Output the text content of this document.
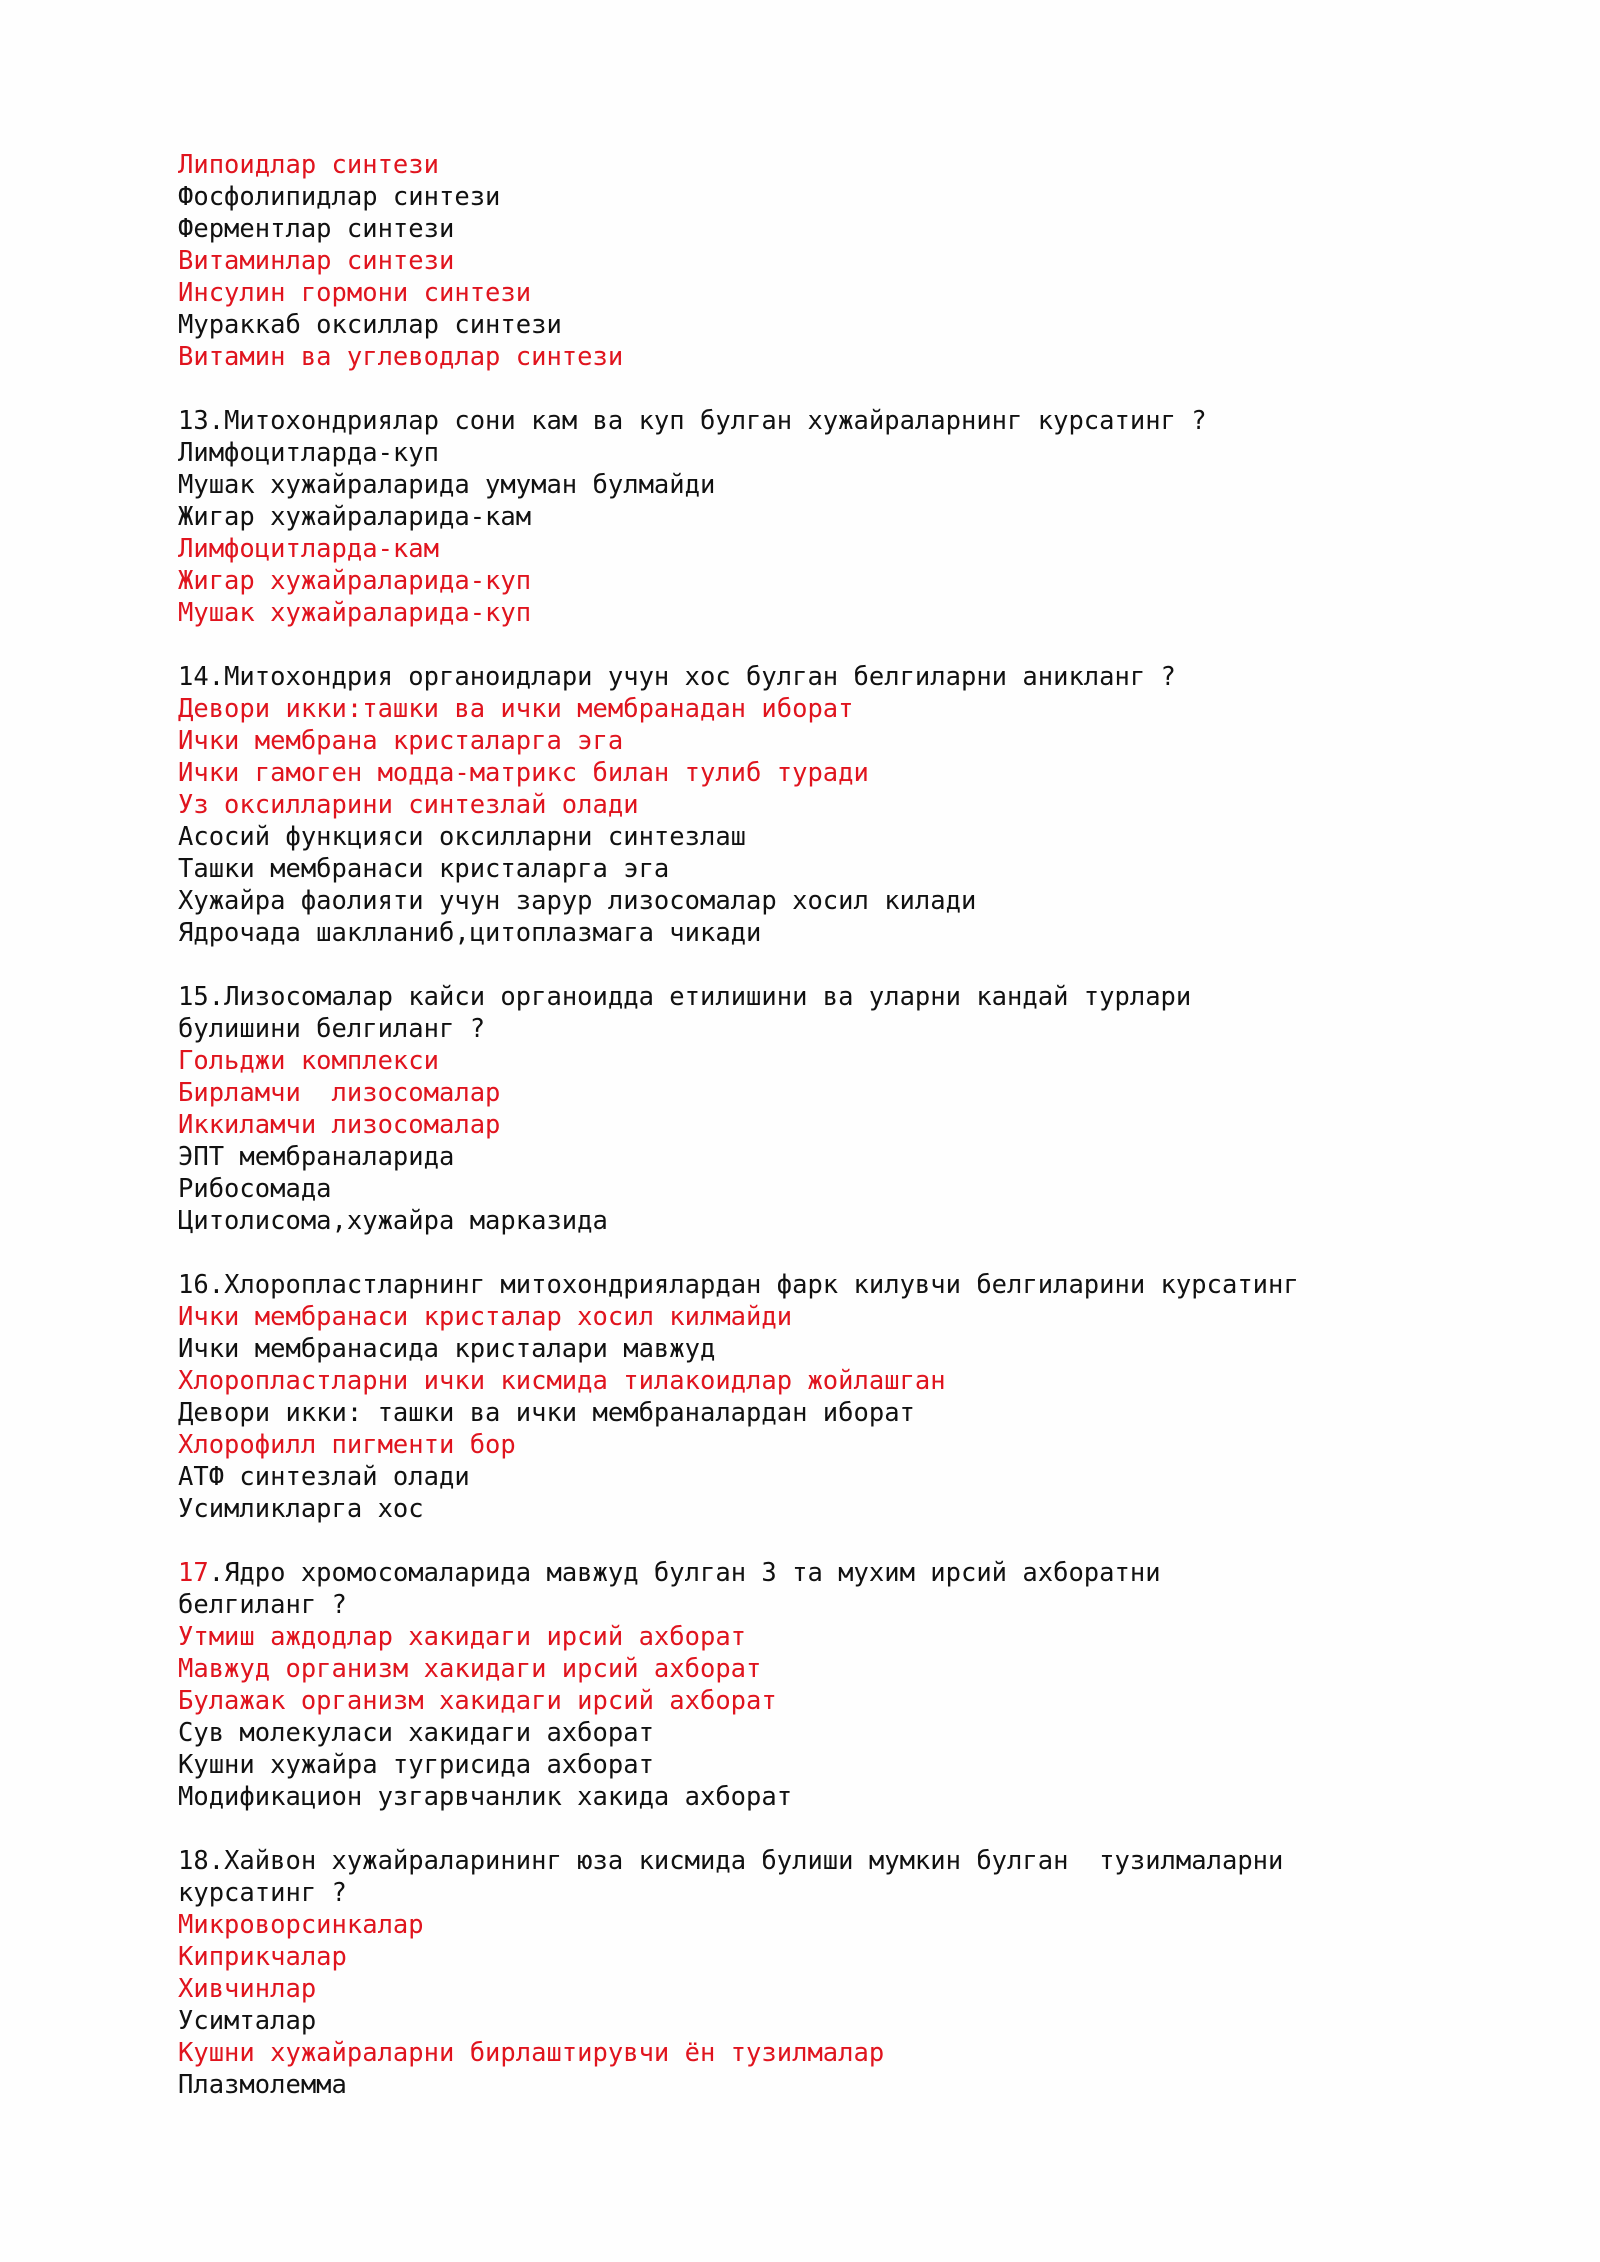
Липоидлар синтези
Фосфолипидлар синтези
Ферментлар синтези
Витаминлар синтези
Инсулин гормони синтези
Мураккаб оксиллар синтези
Витамин ва углеводлар синтези
13.Митохондриялар сони кам ва куп булган хужайраларнинг курсатинг ?
Лимфоцитларда-куп
Мушак хужайраларида умуман булмайди
Жигар хужайраларида-кам
Лимфоцитларда-кам
Жигар хужайраларида-куп
Мушак хужайраларида-куп
14.Митохондрия органоидлари учун хос булган белгиларни аникланг ?
Девори икки:ташки ва ички мембранадан иборат
Ички мембрана кристаларга эга
Ички гамоген модда-матрикс билан тулиб туради
Уз оксилларини синтезлай олади
Асосий функцияси оксилларни синтезлаш
Ташки мембранаси кристаларга эга
Хужайра фаолияти учун зарур лизосомалар хосил килади
Ядрочада шаклланиб,цитоплазмага чикади
15.Лизосомалар кайси органоидда етилишини ва уларни кандай турлари
булишини белгиланг ?
Гольджи комплекси
Бирламчи  лизосомалар
Иккиламчи лизосомалар
ЭПТ мембраналарида
Рибосомада
Цитолисома,хужайра марказида
16.Хлоропластларнинг митохондриялардан фарк килувчи белгиларини курсатинг
Ички мембранаси кристалар хосил килмайди
Ички мембранасида кристалари мавжуд
Хлоропластларни ички кисмида тилакоидлар жойлашган
Девори икки: ташки ва ички мембраналардан иборат
Хлорофилл пигменти бор
АТФ синтезлай олади
Усимликларга хос
17.Ядро хромосомаларида мавжуд булган 3 та мухим ирсий ахборатни
белгиланг ?
Утмиш аждодлар хакидаги ирсий ахборат
Мавжуд организм хакидаги ирсий ахборат
Булажак организм хакидаги ирсий ахборат
Сув молекуласи хакидаги ахборат
Кушни хужайра тугрисида ахборат
Модификацион узгарвчанлик хакида ахборат
18.Хайвон хужайраларининг юза кисмида булиши мумкин булган  тузилмаларни
курсатинг ?
Микроворсинкалар
Киприкчалар
Хивчинлар
Усимталар
Кушни хужайраларни бирлаштирувчи ён тузилмалар
Плазмолемма
